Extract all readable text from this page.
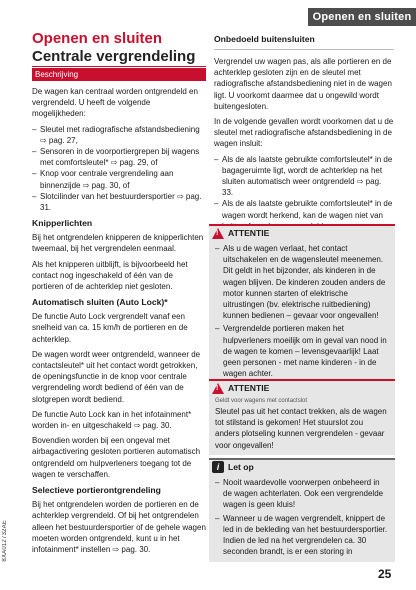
Openen en sluiten
8XA012732AE
25
Openen en sluiten
Centrale vergrendeling
Beschrijving

De wagen kan centraal worden ontgrendeld en vergrendeld. U heeft de volgende mogelijkheden:

– Sleutel met radiografische afstandsbediening ⇨ pag. 27,
– Sensoren in de voorportiergrepen bij wagens met comfortsleutel* ⇨ pag. 29, of
– Knop voor centrale vergrendeling aan binnenzijde ⇨ pag. 30, of
– Slotcilinder van het bestuurdersportier ⇨ pag. 31.
Knipperlichten

Bij het ontgrendelen knipperen de knipperlichten tweemaal, bij het vergrendelen eenmaal.

Als het knipperen uitblijft, is bijvoorbeeld het contact nog ingeschakeld of één van de portieren of de achterklep niet gesloten.

Automatisch sluiten (Auto Lock)*

De functie Auto Lock vergrendelt vanaf een snelheid van ca. 15 km/h de portieren en de achterklep.

De wagen wordt weer ontgrendeld, wanneer de contactsleutel* uit het contact wordt getrokken, de openingsfunctie in de knop voor centrale vergrendeling wordt bediend of één van de slotgrepen wordt bediend.

De functie Auto Lock kan in het infotainment* worden in- en uitgeschakeld ⇨ pag. 30.

Bovendien worden bij een ongeval met airbagactivering gesloten portieren automatisch ontgrendeld om hulpverleners toegang tot de wagen te verschaffen.

Selectieve portierontgrendeling

Bij het ontgrendelen worden de portieren en de achterklep vergrendeld. Of bij het ontgrendelen alleen het bestuurdersportier of de gehele wagen moeten worden ontgrendeld, kunt u in het infotainment* instellen ⇨ pag. 30.

Onbedoeld buitensluiten

Vergrendel uw wagen pas, als alle portieren en de achterklep gesloten zijn en de sleutel met radiografische afstandsbediening niet in de wagen ligt. U voorkomt daarmee dat u ongewild wordt buitengesloten.

In de volgende gevallen wordt voorkomen dat u de sleutel met radiografische afstandsbediening in de wagen insluit:

– Als de als laatste gebruikte comfortsleutel* in de bagageruimte ligt, wordt de achterklep na het sluiten automatisch weer ontgrendeld ⇨ pag. 33.
– Als de als laatste gebruikte comfortsleutel* in de wagen wordt herkend, kan de wagen niet van
! ATTENTIE
– Als u de wagen verlaat, het contact uitschakelen en de wagensleutel meenemen. Dit geldt in het bijzonder, als kinderen in de wagen blijven. De kinderen zouden anders de motor kunnen starten of elektrische uitrustingen (bv. elektrische ruitbediening) kunnen bedienen – gevaar voor ongevallen!
– Vergrendelde portieren maken het hulpverleners moeilijk om in geval van nood in de wagen te komen – levensgevaarlijk! Laat geen personen - met name kinderen - in de wagen achter.
! ATTENTIE
Geldt voor wagens met contactslot
Sleutel pas uit het contact trekken, als de wagen tot stilstand is gekomen! Het stuurslot zou anders plotseling kunnen vergrendelen - gevaar voor ongevallen!
i	Let op
– Nooit waardevolle voorwerpen onbeheerd in de wagen achterlaten. Ook een vergrendelde wagen is geen kluis!
– Wanneer u de wagen vergrendelt, knippert de led in de bekleding van het bestuurdersportier. Indien de led na het vergrendelen ca. 30 seconden brandt, is er een storing in
